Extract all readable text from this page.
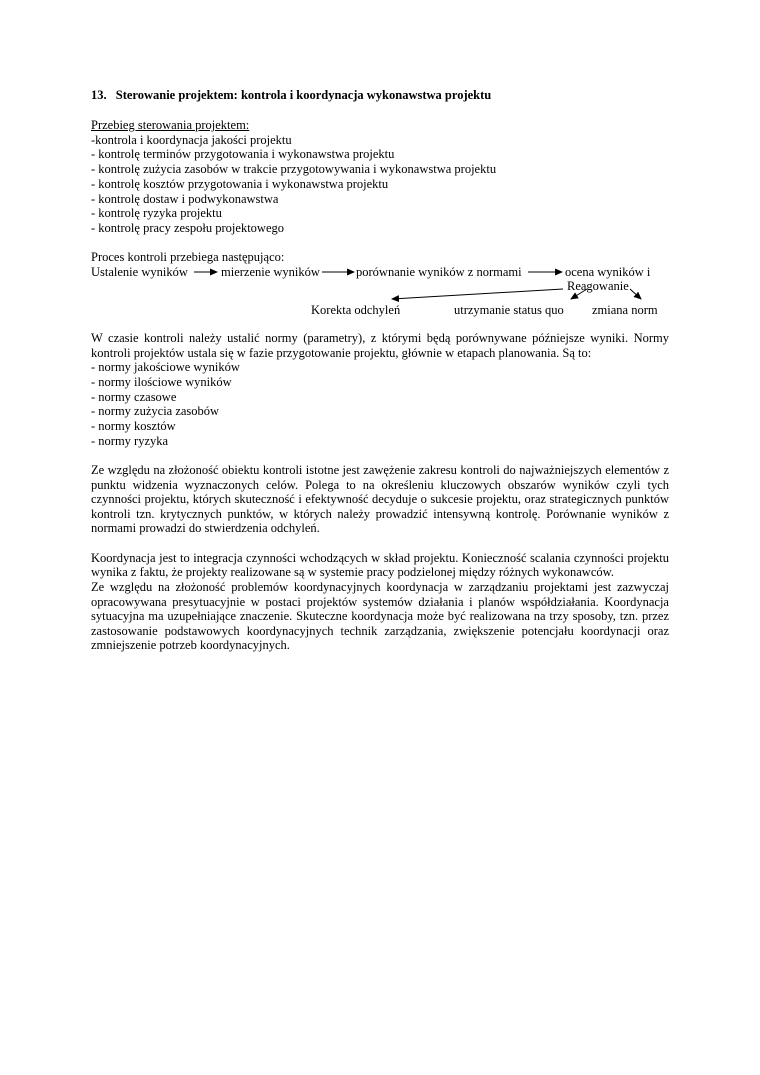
13. Sterowanie projektem: kontrola i koordynacja wykonawstwa projektu
Przebieg sterowania projektem:
-kontrola i koordynacja jakości projektu
- kontrolę terminów przygotowania i wykonawstwa projektu
- kontrolę zużycia zasobów w trakcie przygotowywania i wykonawstwa projektu
- kontrolę kosztów przygotowania i wykonawstwa projektu
- kontrolę dostaw i podwykonawstwa
- kontrolę ryzyka projektu
- kontrolę pracy zespołu projektowego
Proces kontroli przebiega następująco:
Ustalenie wyników	mierzenie wyników	porównanie wyników z normami	ocena wyników i
Reagowanie
Korekta odchyleń	utrzymanie status quo zmiana norm

W czasie kontroli należy ustalić normy (parametry), z którymi będą porównywane późniejsze wyniki. Normy kontroli projektów ustala się w fazie przygotowanie projektu, głównie w etapach planowania. Są to:

- normy jakościowe wyników
- normy ilościowe wyników
- normy czasowe
- normy zużycia zasobów
- normy kosztów
- normy ryzyka

Ze względu na złożoność obiektu kontroli istotne jest zawężenie zakresu kontroli do najważniejszych elementów z punktu widzenia wyznaczonych celów. Polega to na określeniu kluczowych obszarów wyników czyli tych czynności projektu, których skuteczność i efektywność decyduje o sukcesie projektu, oraz strategicznych punktów kontroli tzn. krytycznych punktów, w których należy prowadzić intensywną kontrolę. Porównanie wyników z normami prowadzi do stwierdzenia odchyleń.

Koordynacja jest to integracja czynności wchodzących w skład projektu. Konieczność scalania czynności projektu wynika z faktu, że projekty realizowane są w systemie pracy podzielonej między różnych wykonawców.

Ze względu na złożoność problemów koordynacyjnych koordynacja w zarządzaniu projektami jest zazwyczaj opracowywana presytuacyjnie w postaci projektów systemów działania i planów współdziałania. Koordynacja sytuacyjna ma uzupełniające znaczenie. Skuteczne koordynacja może być realizowana na trzy sposoby, tzn. przez zastosowanie podstawowych koordynacyjnych technik zarządzania, zwiększenie potencjału koordynacji oraz zmniejszenie potrzeb koordynacyjnych.
